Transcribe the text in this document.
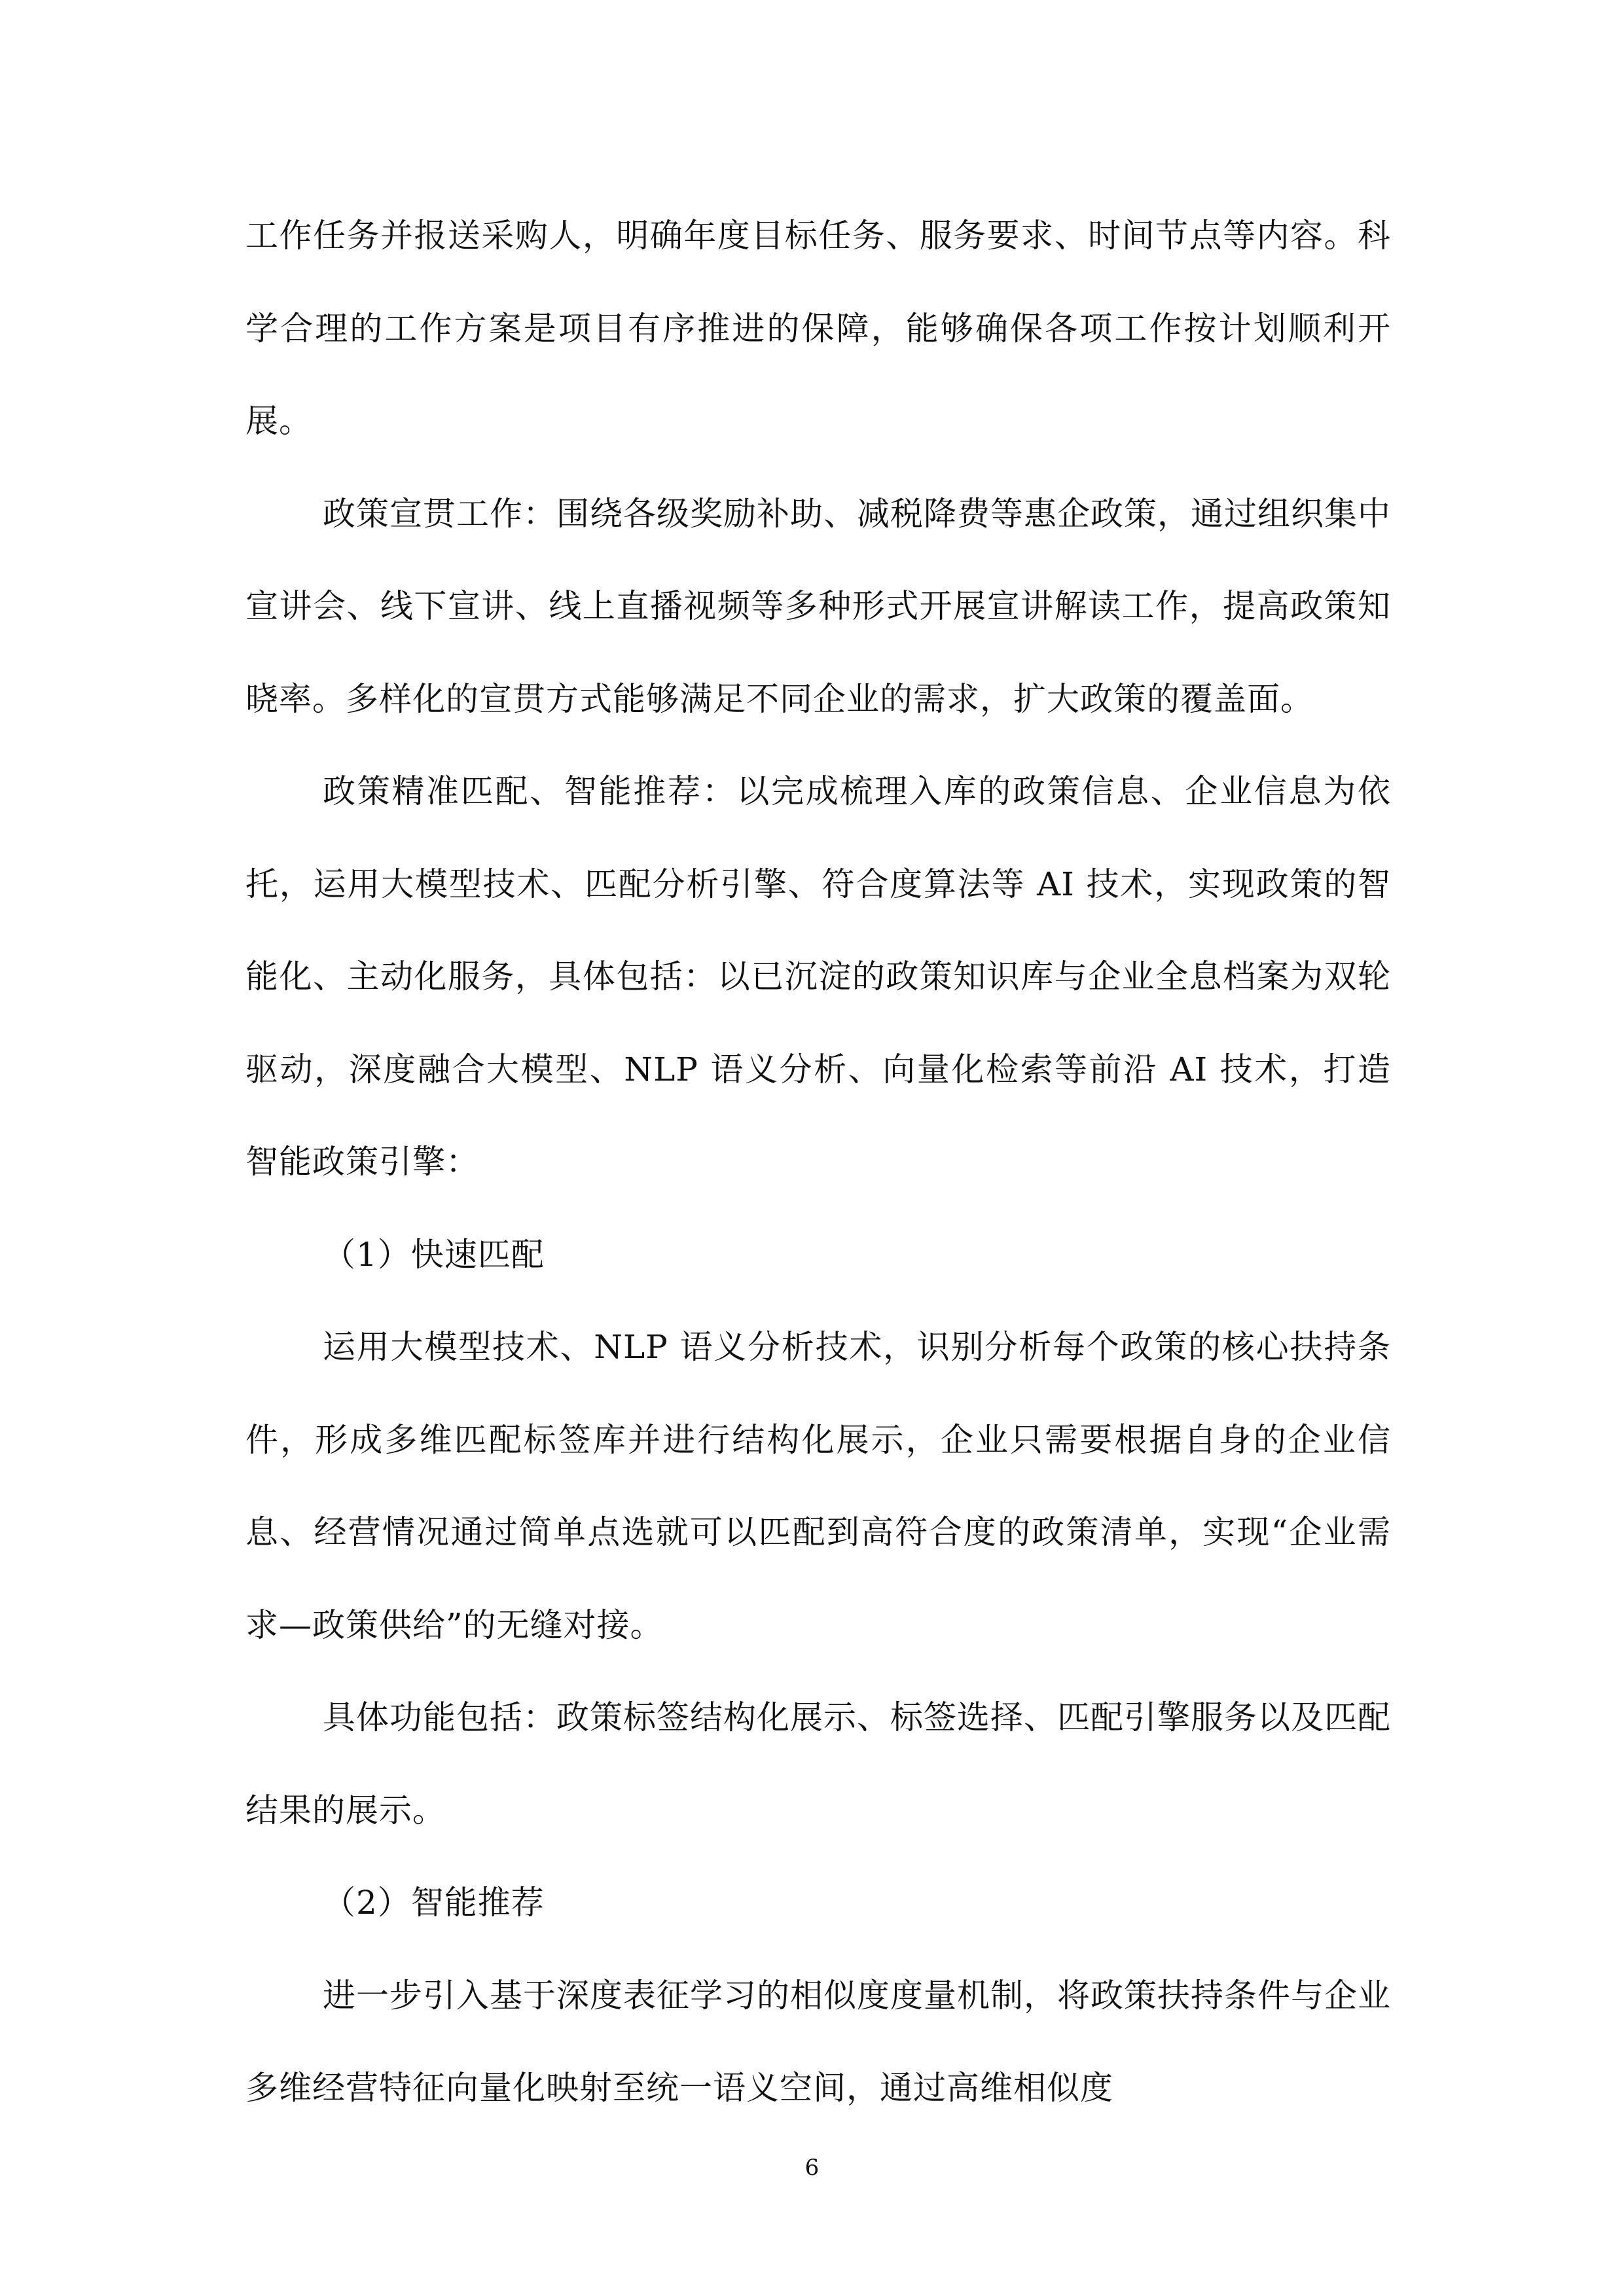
工作任务并报送采购人，明确年度目标任务、服务要求、时间节点等内容。科学合理的工作方案是项目有序推进的保障，能够确保各项工作按计划顺利开展。

政策宣贯工作：围绕各级奖励补助、减税降费等惠企政策，通过组织集中宣讲会、线下宣讲、线上直播视频等多种形式开展宣讲解读工作，提高政策知晓率。多样化的宣贯方式能够满足不同企业的需求，扩大政策的覆盖面。

政策精准匹配、智能推荐：以完成梳理入库的政策信息、企业信息为依托，运用大模型技术、匹配分析引擎、符合度算法等 AI 技术，实现政策的智能化、主动化服务，具体包括：以已沉淀的政策知识库与企业全息档案为双轮驱动，深度融合大模型、NLP 语义分析、向量化检索等前沿 AI 技术，打造智能政策引擎：

（1）快速匹配

运用大模型技术、NLP 语义分析技术，识别分析每个政策的核心扶持条件，形成多维匹配标签库并进行结构化展示，企业只需要根据自身的企业信息、经营情况通过简单点选就可以匹配到高符合度的政策清单，实现“企业需求—政策供给”的无缝对接。

具体功能包括：政策标签结构化展示、标签选择、匹配引擎服务以及匹配结果的展示。

（2）智能推荐

进一步引入基于深度表征学习的相似度度量机制，将政策扶持条件与企业多维经营特征向量化映射至统一语义空间，通过高维相似度

6
